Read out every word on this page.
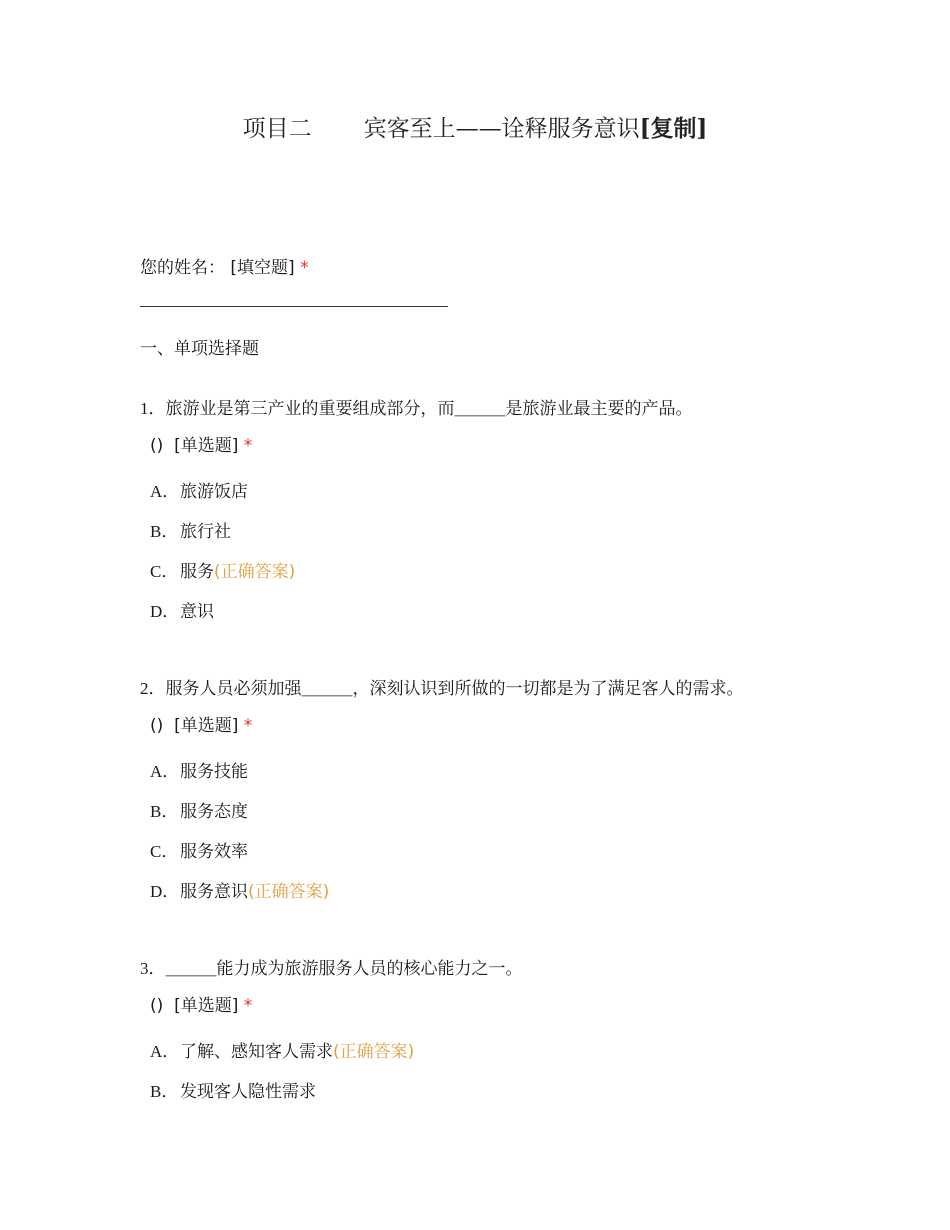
项目二 宾客至上——诠释服务意识[复制]
您的姓名： [填空题] *
一、单项选择题
1．旅游业是第三产业的重要组成部分，而＿＿＿是旅游业最主要的产品。
() [单选题] *
A．旅游饭店
B．旅行社
C．服务(正确答案)
D．意识
2．服务人员必须加强＿＿＿，深刻认识到所做的一切都是为了满足客人的需求。
() [单选题] *
A．服务技能
B．服务态度
C．服务效率
D．服务意识(正确答案)
3．＿＿＿能力成为旅游服务人员的核心能力之一。
() [单选题] *
A．了解、感知客人需求(正确答案)
B．发现客人隐性需求
